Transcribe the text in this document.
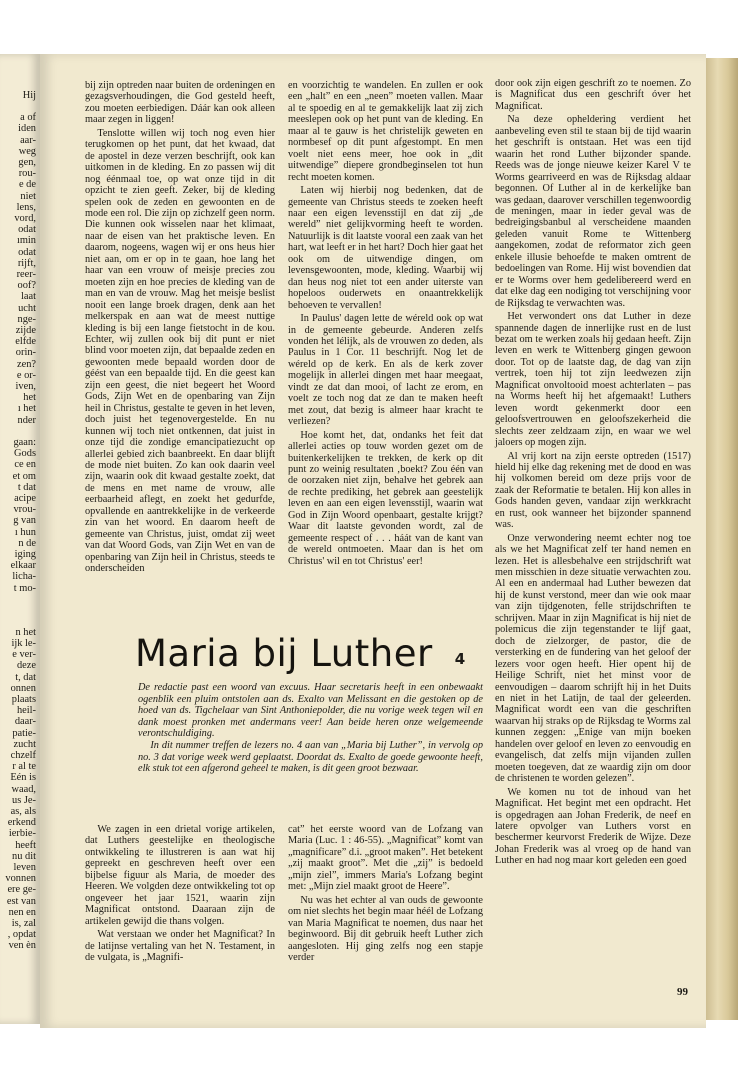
Hij
a of
iden
aar-
weg
gen,
rou-
e de
niet
lens,
vord,
odat
ımin
odat
rijft,
reer-
oof?
laat
ucht
nge-
zijde
elfde
orin-
zen?
e or-
iven,
het
ı het
nder
gaan:
Gods
ce en
et om
t dat
acipe
vrou-
g van
ı hun
n de
iging
elkaar
licha-
t mo-
n het
ijk le-
e ver-
deze
t, dat
onnen
plaats
heil-
daar-
patie-
zucht
chzelf
r al te
Eén is
waad,
us Je-
as, als
erkend
ierbie-
heeft
nu dit
leven
vonnen
ere ge-
est van
nen en
is, zal
, opdat
ven èn

bij zijn optreden naar buiten de ordeningen en gezagsverhoudingen, die God gesteld heeft, zou moeten eerbiedigen. Dáár kan ook alleen maar zegen in liggen!

Tenslotte willen wij toch nog even hier terugkomen op het punt, dat het kwaad, dat de apostel in deze verzen beschrijft, ook kan uitkomen in de kleding. En zo passen wij dit nog éénmaal toe, op wat onze tijd in dit opzicht te zien geeft. Zeker, bij de kleding spelen ook de zeden en gewoonten en de mode een rol. Die zijn op zichzelf geen norm. Die kunnen ook wisselen naar het klimaat, naar de eisen van het praktische leven. En daarom, nogeens, wagen wij er ons heus hier niet aan, om er op in te gaan, hoe lang het haar van een vrouw of meisje precies zou moeten zijn en hoe precies de kleding van de man en van de vrouw. Mag het meisje beslist nooit een lange broek dragen, denk aan het melkerspak en aan wat de meest nuttige kleding is bij een lange fietstocht in de kou. Echter, wij zullen ook bij dit punt er niet blind voor moeten zijn, dat bepaalde zeden en gewoonten mede bepaald worden door de géést van een bepaalde tijd. En die geest kan zijn een geest, die niet begeert het Woord Gods, Zijn Wet en de openbaring van Zijn heil in Christus, gestalte te geven in het leven, doch juist het tegenovergestelde. En nu kunnen wij toch niet ontkennen, dat juist in onze tijd die zondige emancipatiezucht op allerlei gebied zich baanbreekt. En daar blijft de mode niet buiten. Zo kan ook daarin veel zijn, waarin ook dit kwaad gestalte zoekt, dat de mens en met name de vrouw, alle eerbaarheid aflegt, en zoekt het gedurfde, opvallende en aantrekkelijke in de verkeerde zin van het woord. En daarom heeft de gemeente van Christus, juist, omdat zij weet van dat Woord Gods, van Zijn Wet en van de openbaring van Zijn heil in Christus, steeds te onderscheiden

en voorzichtig te wandelen. En zullen er ook een „halt” en een „neen” moeten vallen. Maar al te spoedig en al te gemakkelijk laat zij zich meeslepen ook op het punt van de kleding. En maar al te gauw is het christelijk geweten en normbesef op dit punt afgestompt. En men voelt niet eens meer, hoe ook in „dit uitwendige” diepere grondbeginselen tot hun recht moeten komen.

Laten wij hierbij nog bedenken, dat de gemeente van Christus steeds te zoeken heeft naar een eigen levensstijl en dat zij „de wereld” niet gelijkvorming heeft te worden. Natuurlijk is dit laatste vooral een zaak van het hart, wat leeft er in het hart? Doch hier gaat het ook om de uitwendige dingen, om levensgewoonten, mode, kleding. Waarbij wij dan heus nog niet tot een ander uiterste van hopeloos ouderwets en onaantrekkelijk behoeven te vervallen!

In Paulus' dagen lette de wéreld ook op wat in de gemeente gebeurde. Anderen zelfs vonden het lélijk, als de vrouwen zo deden, als Paulus in 1 Cor. 11 beschrijft. Nog let de wéreld op de kerk. En als de kerk zover mogelijk in allerlei dingen met haar meegaat, vindt ze dat dan mooi, of lacht ze erom, en voelt ze toch nog dat ze dan te maken heeft met zout, dat bezig is almeer haar kracht te verliezen?

Hoe komt het, dat, ondanks het feit dat allerlei acties op touw worden gezet om de buitenkerkelijken te trekken, de kerk op dit punt zo weinig resultaten ‚boekt? Zou één van de oorzaken niet zijn, behalve het gebrek aan de rechte prediking, het gebrek aan geestelijk leven en aan een eigen levensstijl, waarin wat God in Zijn Woord openbaart, gestalte krijgt? Waar dit laatste gevonden wordt, zal de gemeente respect of . . . háát van de kant van de wereld ontmoeten. Maar dan is het om Christus' wil en tot Christus' eer!

door ook zijn eigen geschrift zo te noemen. Zo is Magnificat dus een geschrift óver het Magnificat.

Na deze ophelderìng verdient het aanbeveling even stil te staan bij de tijd waarin het geschrift is ontstaan. Het was een tijd waarin het rond Luther bijzonder spande. Reeds was de jonge nieuwe keizer Karel V te Worms gearriveerd en was de Rijksdag aldaar begonnen. Of Luther al in de kerkelijke ban was gedaan, daarover verschillen tegenwoordig de meningen, maar in ieder geval was de bedreigingsbanbul al verscheidene maanden geleden vanuit Rome te Wittenberg aangekomen, zodat de reformator zich geen enkele illusie behoefde te maken omtrent de bedoelingen van Rome. Hij wist bovendien dat er te Worms over hem gedelibereerd werd en dat elke dag een nodiging tot verschijning voor de Rijksdag te verwachten was.

Het verwondert ons dat Luther in deze spannende dagen de innerlijke rust en de lust bezat om te werken zoals hij gedaan heeft. Zijn leven en werk te Wittenberg gingen gewoon door. Tot op de laatste dag, de dag van zijn vertrek, toen hij tot zijn leedwezen zijn Magnificat onvoltooid moest achterlaten – pas na Worms heeft hij het afgemaakt! Luthers leven wordt gekenmerkt door een geloofsvertrouwen en geloofszekerheid die slechts zeer zeldzaam zijn, en waar we wel jaloers op mogen zijn.

Al vrij kort na zijn eerste optreden (1517) hield hij elke dag rekening met de dood en was hij volkomen bereid om deze prijs voor de zaak der Reformatie te betalen. Hij kon alles in Gods handen geven, vandaar zijn werkkracht en rust, ook wanneer het bijzonder spannend was.

Onze verwondering neemt echter nog toe als we het Magnificat zelf ter hand nemen en lezen. Het is allesbehalve een strijdschrift wat men misschien in deze situatie verwachten zou. Al een en andermaal had Luther bewezen dat hij de kunst verstond, meer dan wie ook maar van zijn tijdgenoten, felle strijdschriften te schrijven. Maar in zijn Magnificat is hij niet de polemicus die zijn tegenstander te lijf gaat, doch de zielzorger, de pastor, die de versterking en de fundering van het geloof der lezers voor ogen heeft. Hier opent hij de Heilige Schrift, niet het minst voor de eenvoudigen – daarom schrijft hij in het Duits en niet in het Latijn, de taal der geleerden. Magnificat wordt een van die geschriften waarvan hij straks op de Rijksdag te Worms zal kunnen zeggen: „Enige van mijn boeken handelen over geloof en leven zo eenvoudig en evangelisch, dat zelfs mijn vijanden zullen moeten toegeven, dat ze waardig zijn om door de christenen te worden gelezen”.

We komen nu tot de inhoud van het Magnificat. Het begint met een opdracht. Het is opgedragen aan Johan Frederik, de neef en latere opvolger van Luthers vorst en beschermer keurvorst Frederik de Wijze. Deze Johan Frederik was al vroeg op de hand van Luther en had nog maar kort geleden een goed

Maria bij Luther 4

De redactie past een woord van excuus. Haar secretaris heeft in een onbewaakt ogenblik een pluim ontstolen aan ds. Exalto van Melissant en die gestoken op de hoed van ds. Tigchelaar van Sint Anthoniepolder, die nu vorige week tegen wil en dank moest pronken met andermans veer! Aan beide heren onze welgemeende verontschuldiging.

In dit nummer treffen de lezers no. 4 aan van „Maria bij Luther”, in vervolg op no. 3 dat vorige week werd geplaatst. Doordat ds. Exalto de goede gewoonte heeft, elk stuk tot een afgerond geheel te maken, is dit geen groot bezwaar.

We zagen in een drietal vorige artikelen, dat Luthers geestelijke en theologische ontwikkeling te illustreren is aan wat hij gepreekt en geschreven heeft over een bijbelse figuur als Maria, de moeder des Heeren. We volgden deze ontwikkeling tot op ongeveer het jaar 1521, waarin zijn Magnificat ontstond. Daaraan zijn de artikelen gewijd die thans volgen.

Wat verstaan we onder het Magnificat? In de latijnse vertaling van het N. Testament, in de vulgata, is „Magnifi-

cat” het eerste woord van de Lofzang van Maria (Luc. 1 : 46-55). „Magnificat” komt van „magnificare” d.i. „groot maken”. Het betekent „zij maakt groot”. Met die „zij” is bedoeld „mijn ziel”, immers Maria's Lofzang begint met: „Mijn ziel maakt groot de Heere”.

Nu was het echter al van ouds de gewoonte om niet slechts het begin maar héél de Lofzang van Maria Magnificat te noemen, dus naar het beginwoord. Bij dit gebruik heeft Luther zich aangesloten. Hij ging zelfs nog een stapje verder

99
